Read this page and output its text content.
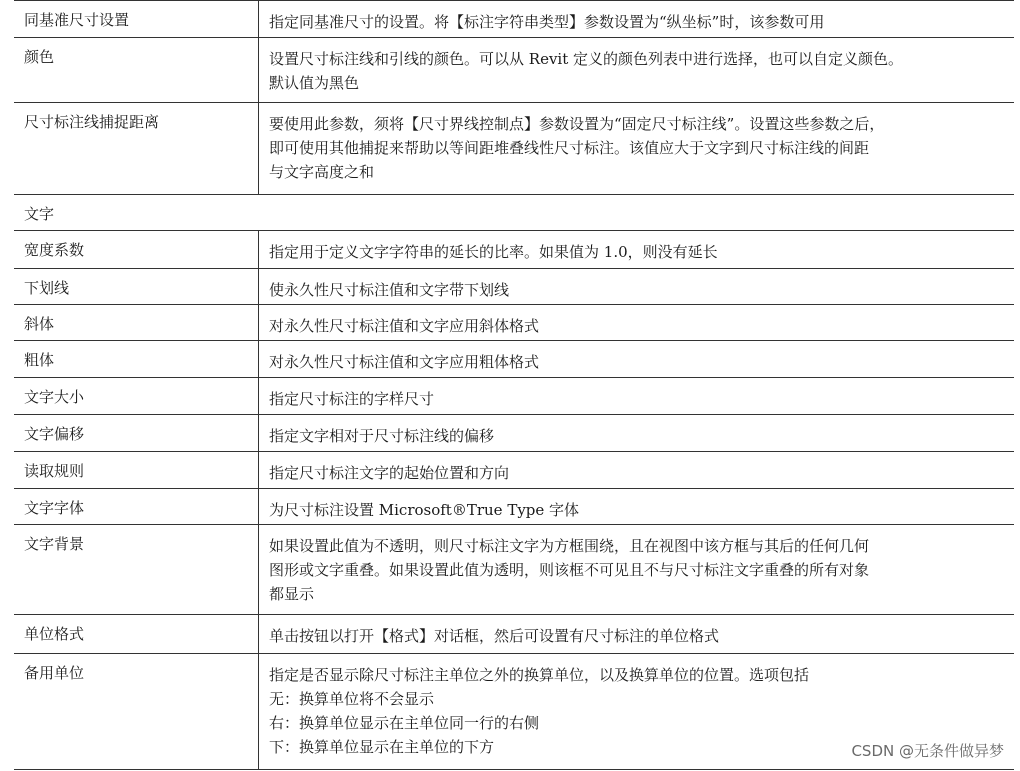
同基准尺寸设置	指定同基准尺寸的设置。将【标注字符串类型】参数设置为“纵坐标”时，该参数可用
颜色	设置尺寸标注线和引线的颜色。可以从 Revit 定义的颜色列表中进行选择，也可以自定义颜色。
默认值为黑色
尺寸标注线捕捉距离	要使用此参数，须将【尺寸界线控制点】参数设置为“固定尺寸标注线”。设置这些参数之后，
即可使用其他捕捉来帮助以等间距堆叠线性尺寸标注。该值应大于文字到尺寸标注线的间距
与文字高度之和
文字
宽度系数	指定用于定义文字字符串的延长的比率。如果值为 1.0，则没有延长
下划线	使永久性尺寸标注值和文字带下划线
斜体	对永久性尺寸标注值和文字应用斜体格式
粗体	对永久性尺寸标注值和文字应用粗体格式
文字大小	指定尺寸标注的字样尺寸
文字偏移	指定文字相对于尺寸标注线的偏移
读取规则	指定尺寸标注文字的起始位置和方向
文字字体	为尺寸标注设置 Microsoft®True Type 字体
文字背景	如果设置此值为不透明，则尺寸标注文字为方框围绕，且在视图中该方框与其后的任何几何
图形或文字重叠。如果设置此值为透明，则该框不可见且不与尺寸标注文字重叠的所有对象
都显示
单位格式	单击按钮以打开【格式】对话框，然后可设置有尺寸标注的单位格式
备用单位	指定是否显示除尺寸标注主单位之外的换算单位，以及换算单位的位置。选项包括
无：换算单位将不会显示
右：换算单位显示在主单位同一行的右侧
下：换算单位显示在主单位的下方	CSDN @无条件做异梦
